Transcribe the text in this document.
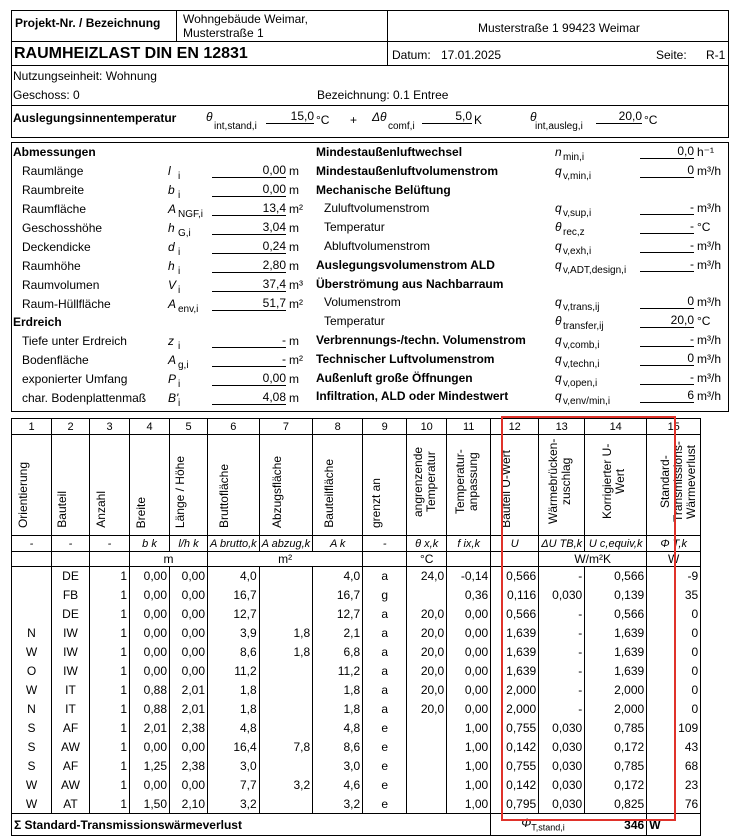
Projekt-Nr. / Bezeichnung Wohngebäude Weimar,
Musterstraße 1	Musterstraße 1 99423 Weimar
RAUMHEIZLAST DIN EN 12831	Datum: 17.01.2025	Seite: R-1
Nutzungseinheit: Wohnung
Geschoss: 0	Bezeichnung: 0.1 Entree
Auslegungsinnentemperatur θ
int,stand,i
15,0 °C + Δθ
comf,i
5,0 K	θ
int,ausleg,i
20,0 °C
Abmessungen
Raumlänge	l i	0,00 m
Raumbreite	b i	0,00 m
Raumfläche	A NGF,i	13,4 m²
Geschosshöhe	h G,i	3,04 m
Deckendicke	d i	0,24 m
Raumhöhe	h i	2,80 m
Raumvolumen	V i	37,4 m³
Raum-Hüllfläche	A env,i	51,7 m²
Erdreich
Tiefe unter Erdreich	z i	- m
Bodenfläche	A g,i	- m²
exponierter Umfang	P i	0,00 m
char. Bodenplattenmaß B' i	4,08 m
Mindestaußenluftwechsel	n min,i	0,0 h⁻¹
Mindestaußenluftvolumenstrom	q v,min,i	0 m³/h
Mechanische Belüftung
Zuluftvolumenstrom	q v,sup,i	- m³/h
Temperatur	θ rec,z	- °C
Abluftvolumenstrom	q v,exh,i	- m³/h
Auslegungsvolumenstrom ALD	q v,ADT,design,i	- m³/h
Überströmung aus Nachbarraum
Volumenstrom	q v,trans,ij	0 m³/h
Temperatur	θ transfer,ij	20,0 °C
Verbrennungs-/techn. Volumenstrom q v,comb,i	- m³/h
Technischer Luftvolumenstrom	q v,techn,i	0 m³/h
Außenluft große Öffnungen	q v,open,i	- m³/h
Infiltration, ALD oder Mindestwert	q v,env/min,i	6 m³/h
1	2	3	4	5	6	7	8	9	10	11	12	13	14	15
Orientierung	Bauteil	Anzahl	Breite	Länge / Höhe	Bruttofläche	Abzugsfläche	Bauteilfläche	grenzt an	angrenzende Temperatur	Temperatur-anpassung	Bauteil U-Wert	Wärmebrücken-zuschlag	Korrigierter U-Wert	Standard-Transmissions-Wärmeverlust
-	-	-	b k	l/h k	A brutto,k	A abzug,k	A k	-	θ x,k	f ix,k	U	ΔU TB,k	U c,equiv,k	Φ T,k
			m		m²				°C			W/m²K		W
	DE	1	0,00	0,00	4,0		4,0	a	24,0	-0,14	0,566	-	0,566	-9
	FB	1	0,00	0,00	16,7		16,7	g		0,36	0,116	0,030	0,139	35
	DE	1	0,00	0,00	12,7		12,7	a	20,0	0,00	0,566	-	0,566	0
N	IW	1	0,00	0,00	3,9	1,8	2,1	a	20,0	0,00	1,639	-	1,639	0
W	IW	1	0,00	0,00	8,6	1,8	6,8	a	20,0	0,00	1,639	-	1,639	0
O	IW	1	0,00	0,00	11,2		11,2	a	20,0	0,00	1,639	-	1,639	0
W	IT	1	0,88	2,01	1,8		1,8	a	20,0	0,00	2,000	-	2,000	0
N	IT	1	0,88	2,01	1,8		1,8	a	20,0	0,00	2,000	-	2,000	0
S	AF	1	2,01	2,38	4,8		4,8	e		1,00	0,755	0,030	0,785	109
S	AW	1	0,00	0,00	16,4	7,8	8,6	e		1,00	0,142	0,030	0,172	43
S	AF	1	1,25	2,38	3,0		3,0	e		1,00	0,755	0,030	0,785	68
W	AW	1	0,00	0,00	7,7	3,2	4,6	e		1,00	0,142	0,030	0,172	23
W	AT	1	1,50	2,10	3,2		3,2	e		1,00	0,795	0,030	0,825	76
Σ Standard-Transmissionswärmeverlust											$\Phi_{T,stand,i}$		346	W
